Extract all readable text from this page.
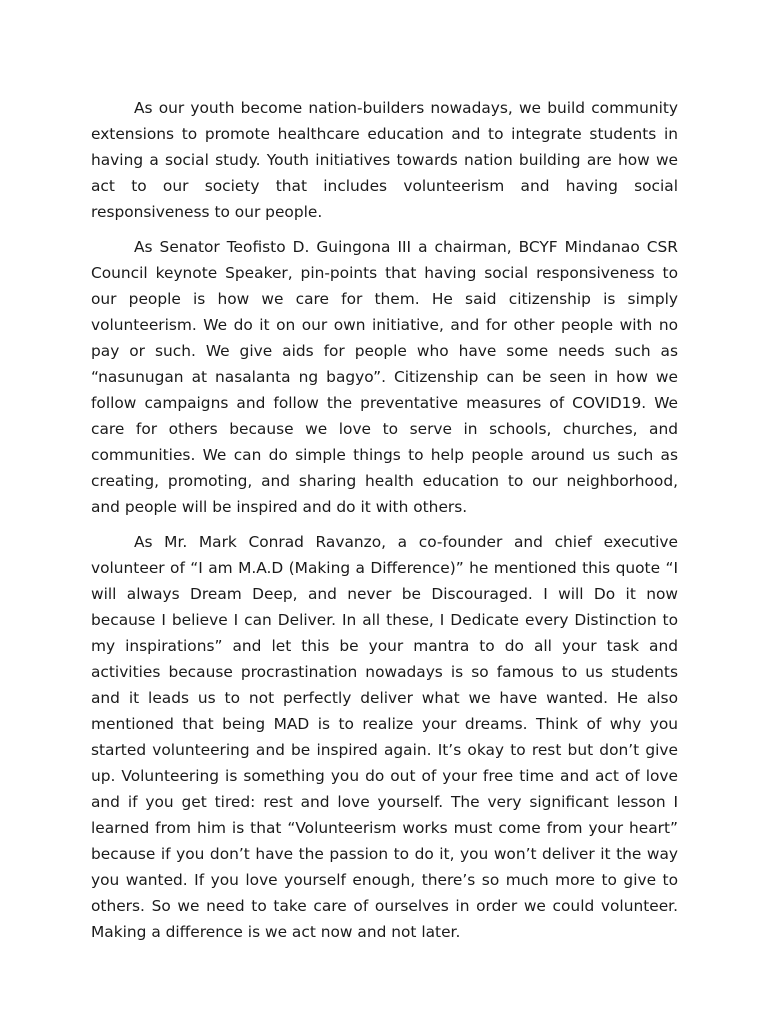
As our youth become nation-builders nowadays, we build community extensions to promote healthcare education and to integrate students in having a social study. Youth initiatives towards nation building are how we act to our society that includes volunteerism and having social responsiveness to our people.

As Senator Teofisto D. Guingona III a chairman, BCYF Mindanao CSR Council keynote Speaker, pin-points that having social responsiveness to our people is how we care for them. He said citizenship is simply volunteerism. We do it on our own initiative, and for other people with no pay or such. We give aids for people who have some needs such as “nasunugan at nasalanta ng bagyo”. Citizenship can be seen in how we follow campaigns and follow the preventative measures of COVID19. We care for others because we love to serve in schools, churches, and communities. We can do simple things to help people around us such as creating, promoting, and sharing health education to our neighborhood, and people will be inspired and do it with others.

As Mr. Mark Conrad Ravanzo, a co-founder and chief executive volunteer of “I am M.A.D (Making a Difference)” he mentioned this quote “I will always Dream Deep, and never be Discouraged. I will Do it now because I believe I can Deliver. In all these, I Dedicate every Distinction to my inspirations” and let this be your mantra to do all your task and activities because procrastination nowadays is so famous to us students and it leads us to not perfectly deliver what we have wanted. He also mentioned that being MAD is to realize your dreams. Think of why you started volunteering and be inspired again. It’s okay to rest but don’t give up. Volunteering is something you do out of your free time and act of love and if you get tired: rest and love yourself. The very significant lesson I learned from him is that “Volunteerism works must come from your heart” because if you don’t have the passion to do it, you won’t deliver it the way you wanted. If you love yourself enough, there’s so much more to give to others. So we need to take care of ourselves in order we could volunteer. Making a difference is we act now and not later.
